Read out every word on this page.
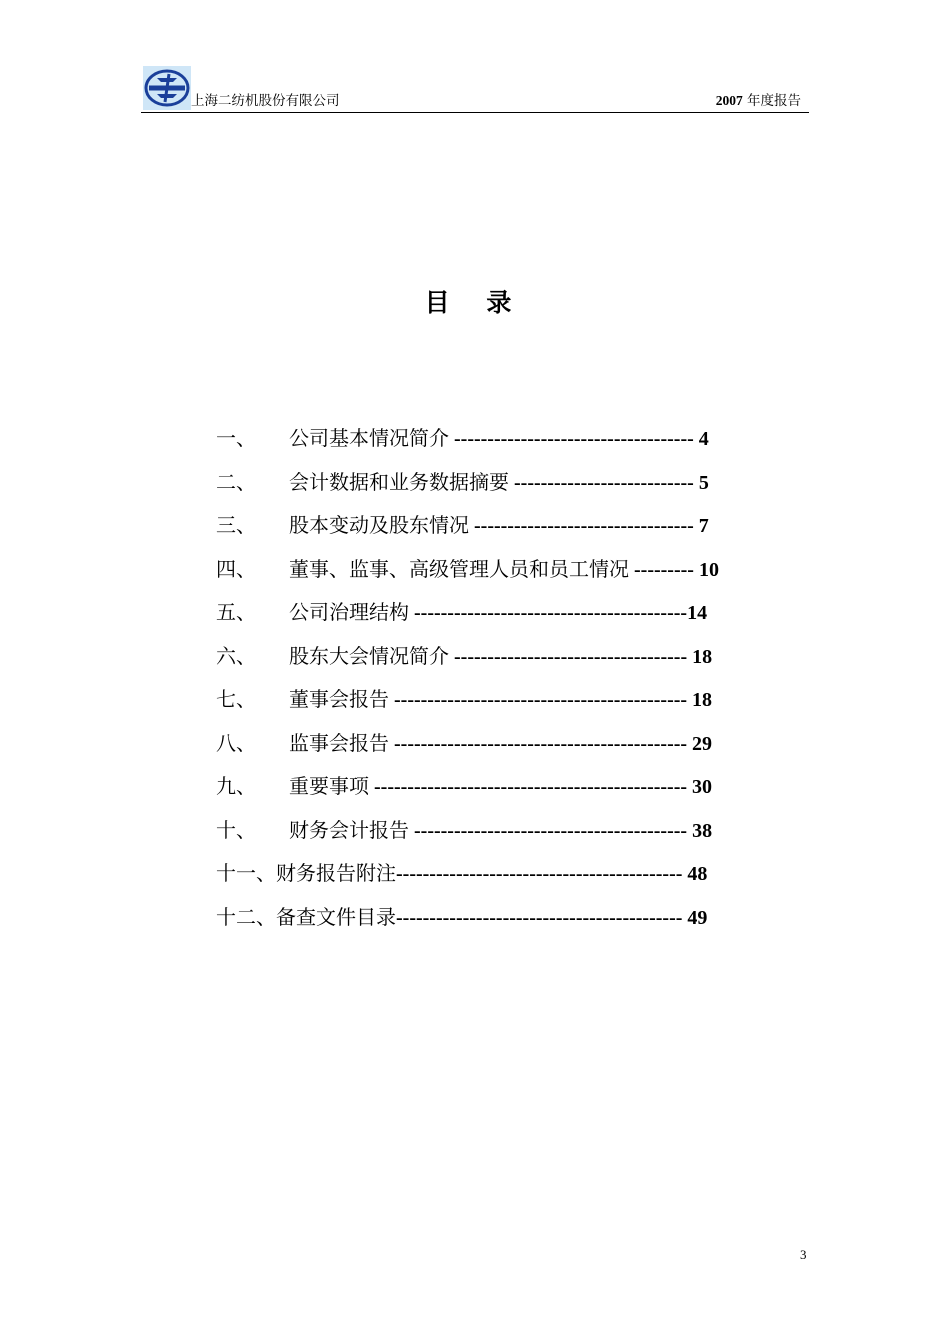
上海二纺机股份有限公司	2007 年度报告
目 录
一、 公司基本情况简介 ------------------------------------ 4
二、 会计数据和业务数据摘要 --------------------------- 5
三、 股本变动及股东情况 --------------------------------- 7
四、 董事、监事、高级管理人员和员工情况 --------- 10
五、 公司治理结构 -----------------------------------------14
六、 股东大会情况简介 ----------------------------------- 18
七、 董事会报告 -------------------------------------------- 18
八、 监事会报告 -------------------------------------------- 29
九、 重要事项 ----------------------------------------------- 30
十、 财务会计报告 ----------------------------------------- 38
十一、财务报告附注------------------------------------------- 48
十二、备查文件目录------------------------------------------- 49
3
